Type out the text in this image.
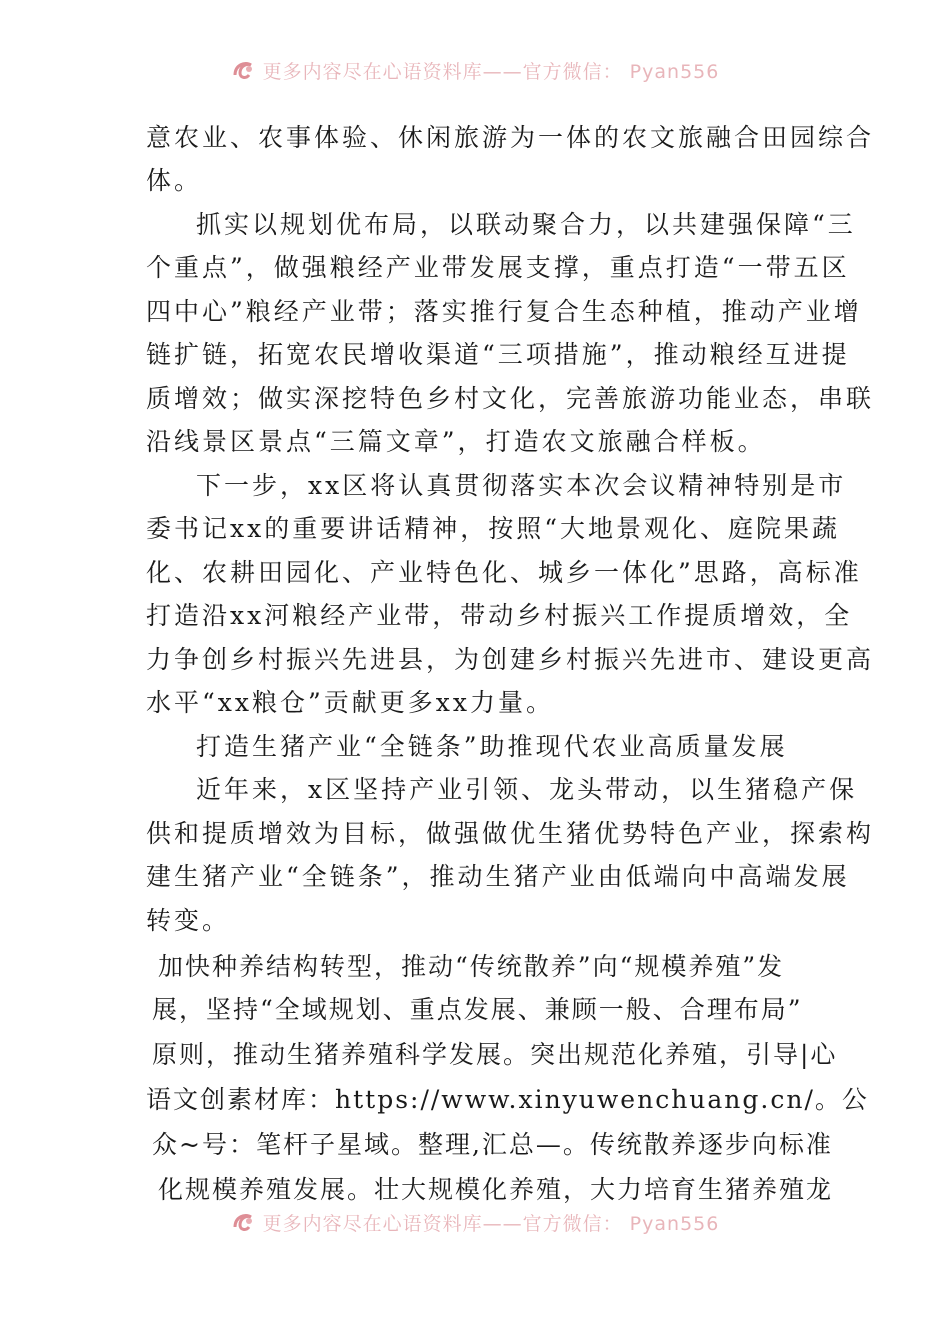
更多内容尽在心语资料库——官方微信： Pyan556
更多内容尽在心语资料库——官方微信： Pyan556
意农业、农事体验、休闲旅游为一体的农文旅融合田园综合
体。
抓实以规划优布局，以联动聚合力，以共建强保障“三
个重点”，做强粮经产业带发展支撑，重点打造“一带五区
四中心”粮经产业带；落实推行复合生态种植，推动产业增
链扩链，拓宽农民增收渠道“三项措施”，推动粮经互进提
质增效；做实深挖特色乡村文化，完善旅游功能业态，串联
沿线景区景点“三篇文章”，打造农文旅融合样板。
下一步，xx区将认真贯彻落实本次会议精神特别是市
委书记xx的重要讲话精神，按照“大地景观化、庭院果蔬
化、农耕田园化、产业特色化、城乡一体化”思路，高标准
打造沿xx河粮经产业带，带动乡村振兴工作提质增效，全
力争创乡村振兴先进县，为创建乡村振兴先进市、建设更高
水平“xx粮仓”贡献更多xx力量。
打造生猪产业“全链条”助推现代农业高质量发展
近年来，x区坚持产业引领、龙头带动，以生猪稳产保
供和提质增效为目标，做强做优生猪优势特色产业，探索构
建生猪产业“全链条”，推动生猪产业由低端向中高端发展
转变。
加快种养结构转型，推动“传统散养”向“规模养殖”发
展，坚持“全域规划、重点发展、兼顾一般、合理布局”
原则，推动生猪养殖科学发展。突出规范化养殖，引导|心
语文创素材库：https://www.xinyuwenchuang.cn/。公
众~号：笔杆子星域。整理,汇总—。传统散养逐步向标准
化规模养殖发展。壮大规模化养殖，大力培育生猪养殖龙
